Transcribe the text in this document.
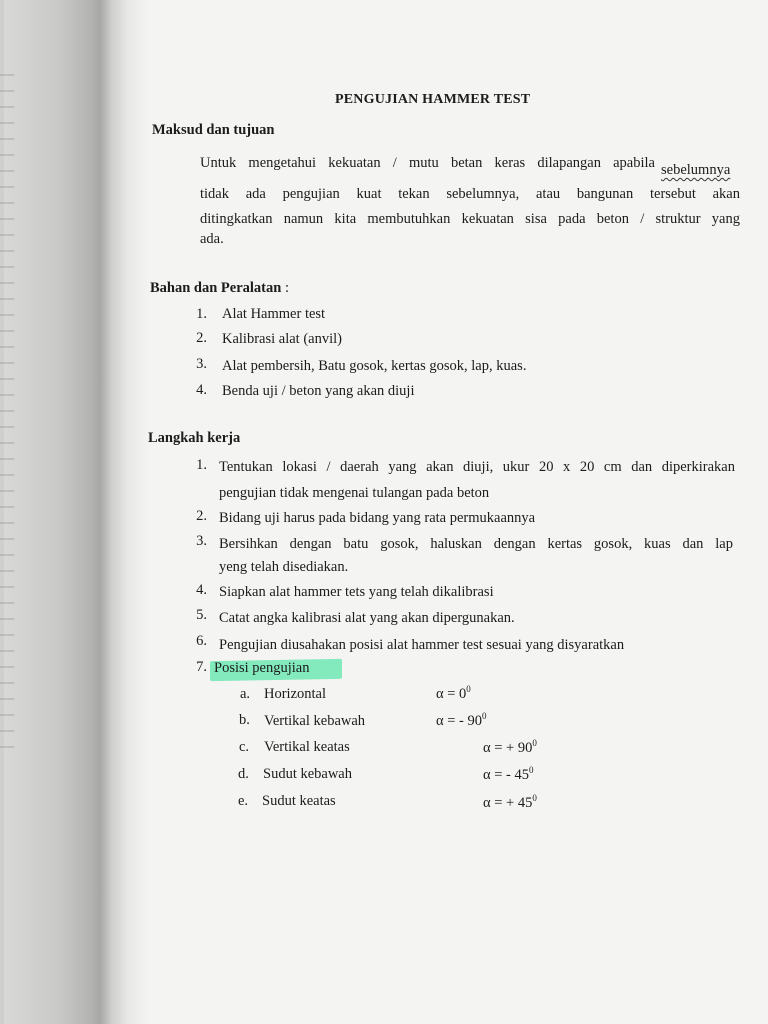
PENGUJIAN HAMMER TEST
Maksud dan tujuan
Untuk mengetahui kekuatan / mutu betan keras dilapangan apabila sebelumnya
tidak ada pengujian kuat tekan sebelumnya, atau bangunan tersebut akan
ditingkatkan namun kita membutuhkan kekuatan sisa pada beton / struktur yang
ada.
Bahan dan Peralatan :
1. Alat Hammer test
2. Kalibrasi alat (anvil)
3. Alat pembersih, Batu gosok, kertas gosok, lap, kuas.
4. Benda uji / beton yang akan diuji
Langkah kerja
1. Tentukan lokasi / daerah yang akan diuji, ukur 20 x 20 cm dan diperkirakan
pengujian tidak mengenai tulangan pada beton
2. Bidang uji harus pada bidang yang rata permukaannya
3. Bersihkan dengan batu gosok, haluskan dengan kertas gosok, kuas dan lap
yeng telah disediakan.
4. Siapkan alat hammer tets yang telah dikalibrasi
5. Catat angka kalibrasi alat yang akan dipergunakan.
6. Pengujian diusahakan posisi alat hammer test sesuai yang disyaratkan
7. Posisi pengujian
a. Horizontal	$\alpha = 0^0$
b. Vertikal kebawah	α = - $90^0$
c. Vertikal keatas	α = + $90^0$
d. Sudut kebawah	α = - $45^0$
e. Sudut keatas	α = + $45^0$
